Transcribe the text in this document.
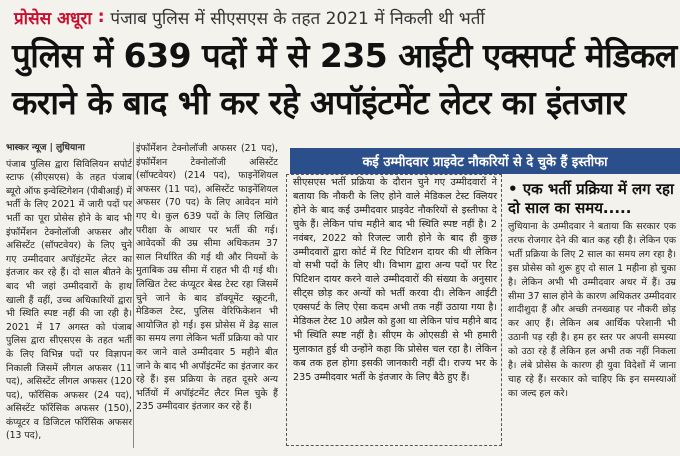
प्रोसेस अधूरा : पंजाब पुलिस में सीएसएस के तहत 2021 में निकली थी भर्ती
पुलिस में 639 पदों में से 235 आईटी एक्सपर्ट मेडिकल
कराने के बाद भी कर रहे अपॉइंटमेंट लेटर का इंतजार
भास्कर न्यूज | लुधियाना
पंजाब पुलिस द्वारा सिविलियन सपोर्ट स्टाफ (सीएसएस) के तहत पंजाब ब्यूरो ऑफ इन्वेस्टिगेशन (पीबीआई) में भर्ती के लिए 2021 में जारी पदों पर भर्ती का पूरा प्रोसेस होने के बाद भी इंफॉर्मेशन टेक्नोलॉजी अफसर और असिस्टेंट (सॉफ्टवेयर) के लिए चुने गए उम्मीदवार अपॉइंटमेंट लेटर का इंतजार कर रहे हैं। दो साल बीतने के बाद भी जहां उम्मीदवारों के हाथ खाली हैं वहीं, उच्च अधिकारियों द्वारा भी स्थिति स्पष्ट नहीं की जा रही है। 2021 में 17 अगस्त को पंजाब पुलिस द्वारा सीएसएस के तहत भर्ती के लिए विभिन्न पदों पर विज्ञापन निकाली जिसमें लीगल अफसर (11 पद), असिस्टेंट लीगल अफसर (120 पद), फॉरेंसिक अफसर (24 पद), असिस्टेंट फॉरेंसिक अफसर (150), कंप्यूटर व डिजिटल फॉरेंसिक अफसर (13 पद),
इंफॉर्मेशन टेक्नोलॉजी अफसर (21 पद), इंफॉर्मेशन टेक्नोलॉजी असिस्टेंट (सॉफ्टवेयर) (214 पद), फाइनेंशियल अफसर (11 पद), असिस्टेंट फाइनेंशियल अफसर (70 पद) के लिए आवेदन मांगे गए थे। कुल 639 पदों के लिए लिखित परीक्षा के आधार पर भर्ती की गई। आवेदकों की उम्र सीमा अधिकतम 37 साल निर्धारित की गई थी और नियमों के मुताबिक उम्र सीमा में राहत भी दी गई थी। लिखित टेस्ट कंप्यूटर बेस्ड टेस्ट रहा जिसमें चुने जाने के बाद डॉक्यूमेंट स्क्रूटनी, मेडिकल टेस्ट, पुलिस वेरिफिकेशन भी आयोजित हो गई। इस प्रोसेस में डेढ़ साल का समय लगा लेकिन भर्ती प्रक्रिया को पार कर जाने वाले उम्मीदवार 5 महीने बीत जाने के बाद भी अपॉइंटमेंट का इंतजार कर रहे हैं। इस प्रक्रिया के तहत दूसरे अन्य भर्तियों में अपॉइंटमेंट लैटर मिल चुके हैं 235 उम्मीदवार इंतजार कर रहे हैं।
कई उम्मीदवार प्राइवेट नौकरियों से दे चुके हैं इस्तीफा
सीएसएस भर्ती प्रक्रिया के दौरान चुने गए उम्मीदवारों ने बताया कि नौकरी के लिए होने वाले मेडिकल टेस्ट क्लियर होने के बाद कई उम्मीदवार प्राइवेट नौकरियों से इस्तीफा दे चुके हैं। लेकिन पांच महीने बाद भी स्थिति स्पष्ट नहीं है। 2 नवंबर, 2022 को रिजल्ट जारी होने के बाद ही कुछ उम्मीदवारों द्वारा कोर्ट में रिट पिटिशन दायर की थी लेकिन वो सभी पदों के लिए थी। विभाग द्वारा अन्य पदों पर रिट पिटिशन दायर करने वाले उम्मीदवारों की संख्या के अनुसार सीट्स छोड़ कर अन्यों को भर्ती करवा दी। लेकिन आईटी एक्सपर्ट के लिए ऐसा कदम अभी तक नहीं उठाया गया है। मेडिकल टेस्ट 10 अप्रैल को हुआ था लेकिन पांच महीने बाद भी स्थिति स्पष्ट नहीं है। सीएम के ओएसडी से भी हमारी मुलाकात हुई थी उन्होंने कहा कि प्रोसेस चल रहा है। लेकिन कब तक हल होगा इसकी जानकारी नहीं दी। राज्य भर के 235 उम्मीदवार भर्ती के इंतजार के लिए बैठे हुए हैं।
• एक भर्ती प्रक्रिया में लग रहा दो साल का समय.....
लुधियाना के उम्मीदवार ने बताया कि सरकार एक तरफ रोजगार देने की बात कह रही है। लेकिन एक भर्ती प्रक्रिया के लिए 2 साल का समय लग रहा है। इस प्रोसेस को शुरू हुए दो साल 1 महीना हो चुका है। लेकिन अभी भी उम्मीदवार अधर में हैं। उम्र सीमा 37 साल होने के कारण अधिकतर उम्मीदवार शादीशुदा हैं और अच्छी तनख्वाह पर नौकरी छोड़ कर आए हैं। लेकिन अब आर्थिक परेशानी भी उठानी पड़ रही है। हम हर स्तर पर अपनी समस्या को उठा रहे हैं लेकिन हल अभी तक नहीं निकला है। लंबे प्रोसेस के कारण ही युवा विदेशों में जाना चाह रहे हैं। सरकार को चाहिए कि इन समस्याओं का जल्द हल करे।
